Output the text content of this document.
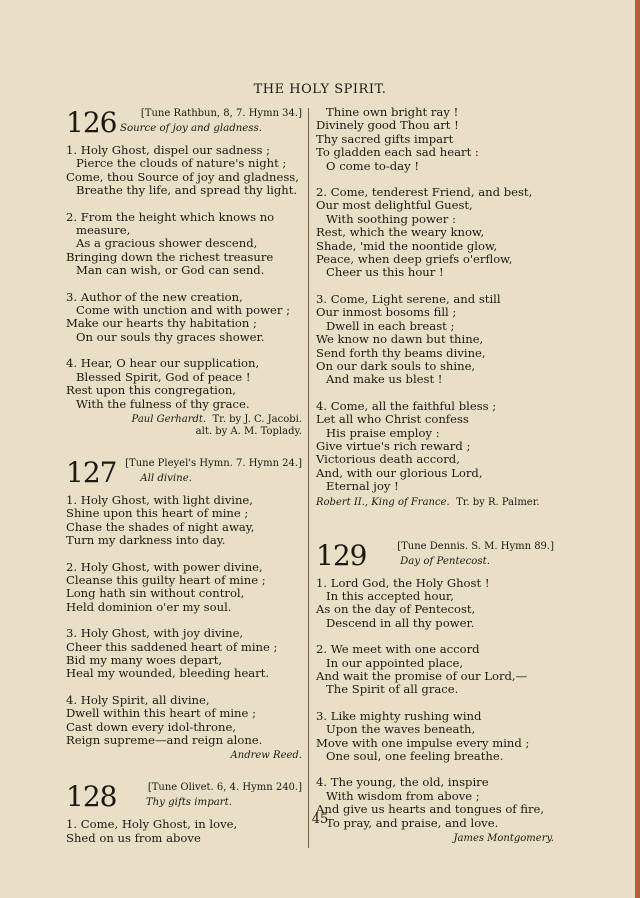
THE HOLY SPIRIT.
126 [Tune Rathbun, 8, 7. Hymn 34.]
Source of joy and gladness.
1. Holy Ghost, dispel our sadness ;
Pierce the clouds of nature's night ;
Come, thou Source of joy and gladness,
Breathe thy life, and spread thy light.
2. From the height which knows no
measure,
As a gracious shower descend,
Bringing down the richest treasure
Man can wish, or God can send.
3. Author of the new creation,
Come with unction and with power ;
Make our hearts thy habitation ;
On our souls thy graces shower.
4. Hear, O hear our supplication,
Blessed Spirit, God of peace !
Rest upon this congregation,
With the fulness of thy grace.
Paul Gerhardt. Tr. by J. C. Jacobi.
alt. by A. M. Toplady.
127 [Tune Pleyel's Hymn. 7. Hymn 24.]
All divine.
1. Holy Ghost, with light divine,
Shine upon this heart of mine ;
Chase the shades of night away,
Turn my darkness into day.
2. Holy Ghost, with power divine,
Cleanse this guilty heart of mine ;
Long hath sin without control,
Held dominion o'er my soul.
3. Holy Ghost, with joy divine,
Cheer this saddened heart of mine ;
Bid my many woes depart,
Heal my wounded, bleeding heart.
4. Holy Spirit, all divine,
Dwell within this heart of mine ;
Cast down every idol-throne,
Reign supreme—and reign alone.
Andrew Reed.
128	[Tune Olivet. 6, 4. Hymn 240.]
Thy gifts impart.
1. Come, Holy Ghost, in love,
Shed on us from above
Thine own bright ray !
Divinely good Thou art !
Thy sacred gifts impart
To gladden each sad heart :
O come to-day !
2. Come, tenderest Friend, and best,
Our most delightful Guest,
With soothing power :
Rest, which the weary know,
Shade, 'mid the noontide glow,
Peace, when deep griefs o'erflow,
Cheer us this hour !
3. Come, Light serene, and still
Our inmost bosoms fill ;
Dwell in each breast ;
We know no dawn but thine,
Send forth thy beams divine,
On our dark souls to shine,
And make us blest !
4. Come, all the faithful bless ;
Let all who Christ confess
His praise employ :
Give virtue's rich reward ;
Victorious death accord,
And, with our glorious Lord,
Eternal joy !
Robert II., King of France. Tr. by R. Palmer.
129	[Tune Dennis. S. M. Hymn 89.]
Day of Pentecost.
1. Lord God, the Holy Ghost !
In this accepted hour,
As on the day of Pentecost,
Descend in all thy power.
2. We meet with one accord
In our appointed place,
And wait the promise of our Lord,—
The Spirit of all grace.
3. Like mighty rushing wind
Upon the waves beneath,
Move with one impulse every mind ;
One soul, one feeling breathe.
4. The young, the old, inspire
With wisdom from above ;
And give us hearts and tongues of fire,
To pray, and praise, and love.
James Montgomery.
45
